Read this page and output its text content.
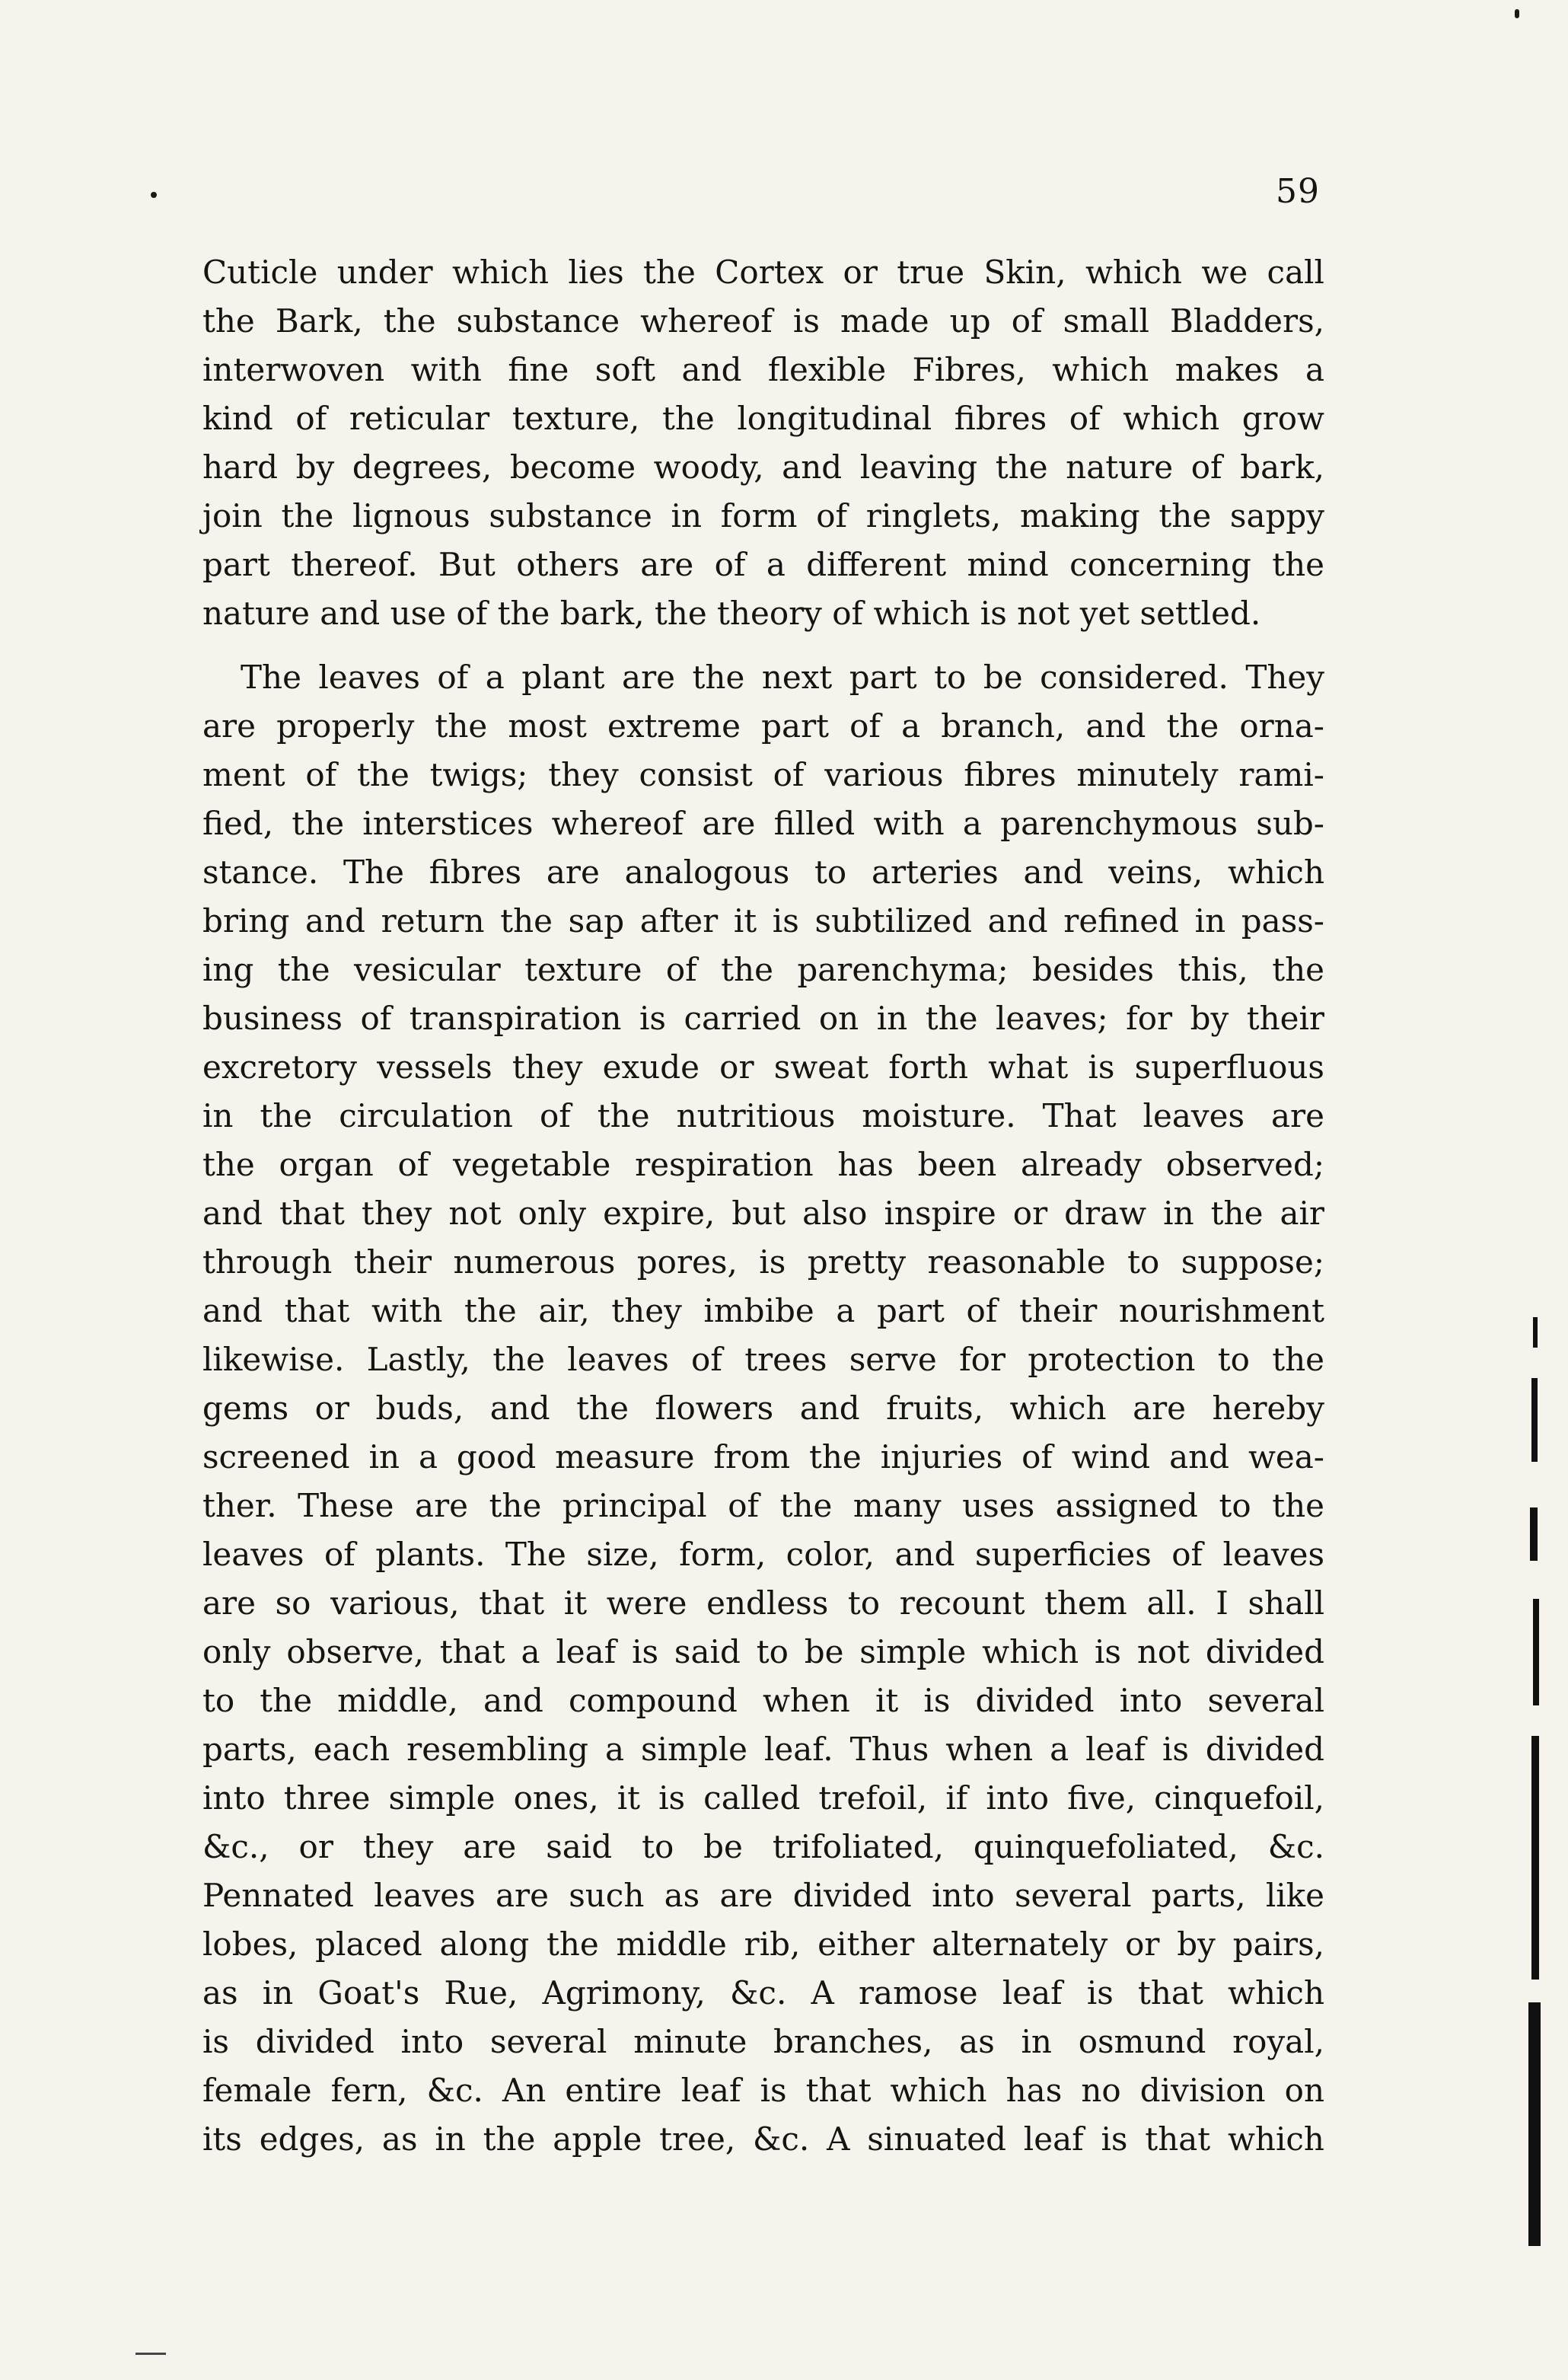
59

Cuticle under which lies the Cortex or true Skin, which we call
the Bark, the substance whereof is made up of small Bladders,
interwoven with fine soft and flexible Fibres, which makes a
kind of reticular texture, the longitudinal fibres of which grow
hard by degrees, become woody, and leaving the nature of bark,
join the lignous substance in form of ringlets, making the sappy
part thereof. But others are of a different mind concerning the
nature and use of the bark, the theory of which is not yet settled.

The leaves of a plant are the next part to be considered. They
are properly the most extreme part of a branch, and the orna-
ment of the twigs; they consist of various fibres minutely rami-
fied, the interstices whereof are filled with a parenchymous sub-
stance. The fibres are analogous to arteries and veins, which
bring and return the sap after it is subtilized and refined in pass-
ing the vesicular texture of the parenchyma; besides this, the
business of transpiration is carried on in the leaves; for by their
excretory vessels they exude or sweat forth what is superfluous
in the circulation of the nutritious moisture. That leaves are
the organ of vegetable respiration has been already observed;
and that they not only expire, but also inspire or draw in the air
through their numerous pores, is pretty reasonable to suppose;
and that with the air, they imbibe a part of their nourishment
likewise. Lastly, the leaves of trees serve for protection to the
gems or buds, and the flowers and fruits, which are hereby
screened in a good measure from the injuries of wind and wea-
ther. These are the principal of the many uses assigned to the
leaves of plants. The size, form, color, and superficies of leaves
are so various, that it were endless to recount them all. I shall
only observe, that a leaf is said to be simple which is not divided
to the middle, and compound when it is divided into several
parts, each resembling a simple leaf. Thus when a leaf is divided
into three simple ones, it is called trefoil, if into five, cinquefoil,
&c., or they are said to be trifoliated, quinquefoliated, &c.
Pennated leaves are such as are divided into several parts, like
lobes, placed along the middle rib, either alternately or by pairs,
as in Goat's Rue, Agrimony, &c. A ramose leaf is that which
is divided into several minute branches, as in osmund royal,
female fern, &c. An entire leaf is that which has no division on
its edges, as in the apple tree, &c. A sinuated leaf is that which
